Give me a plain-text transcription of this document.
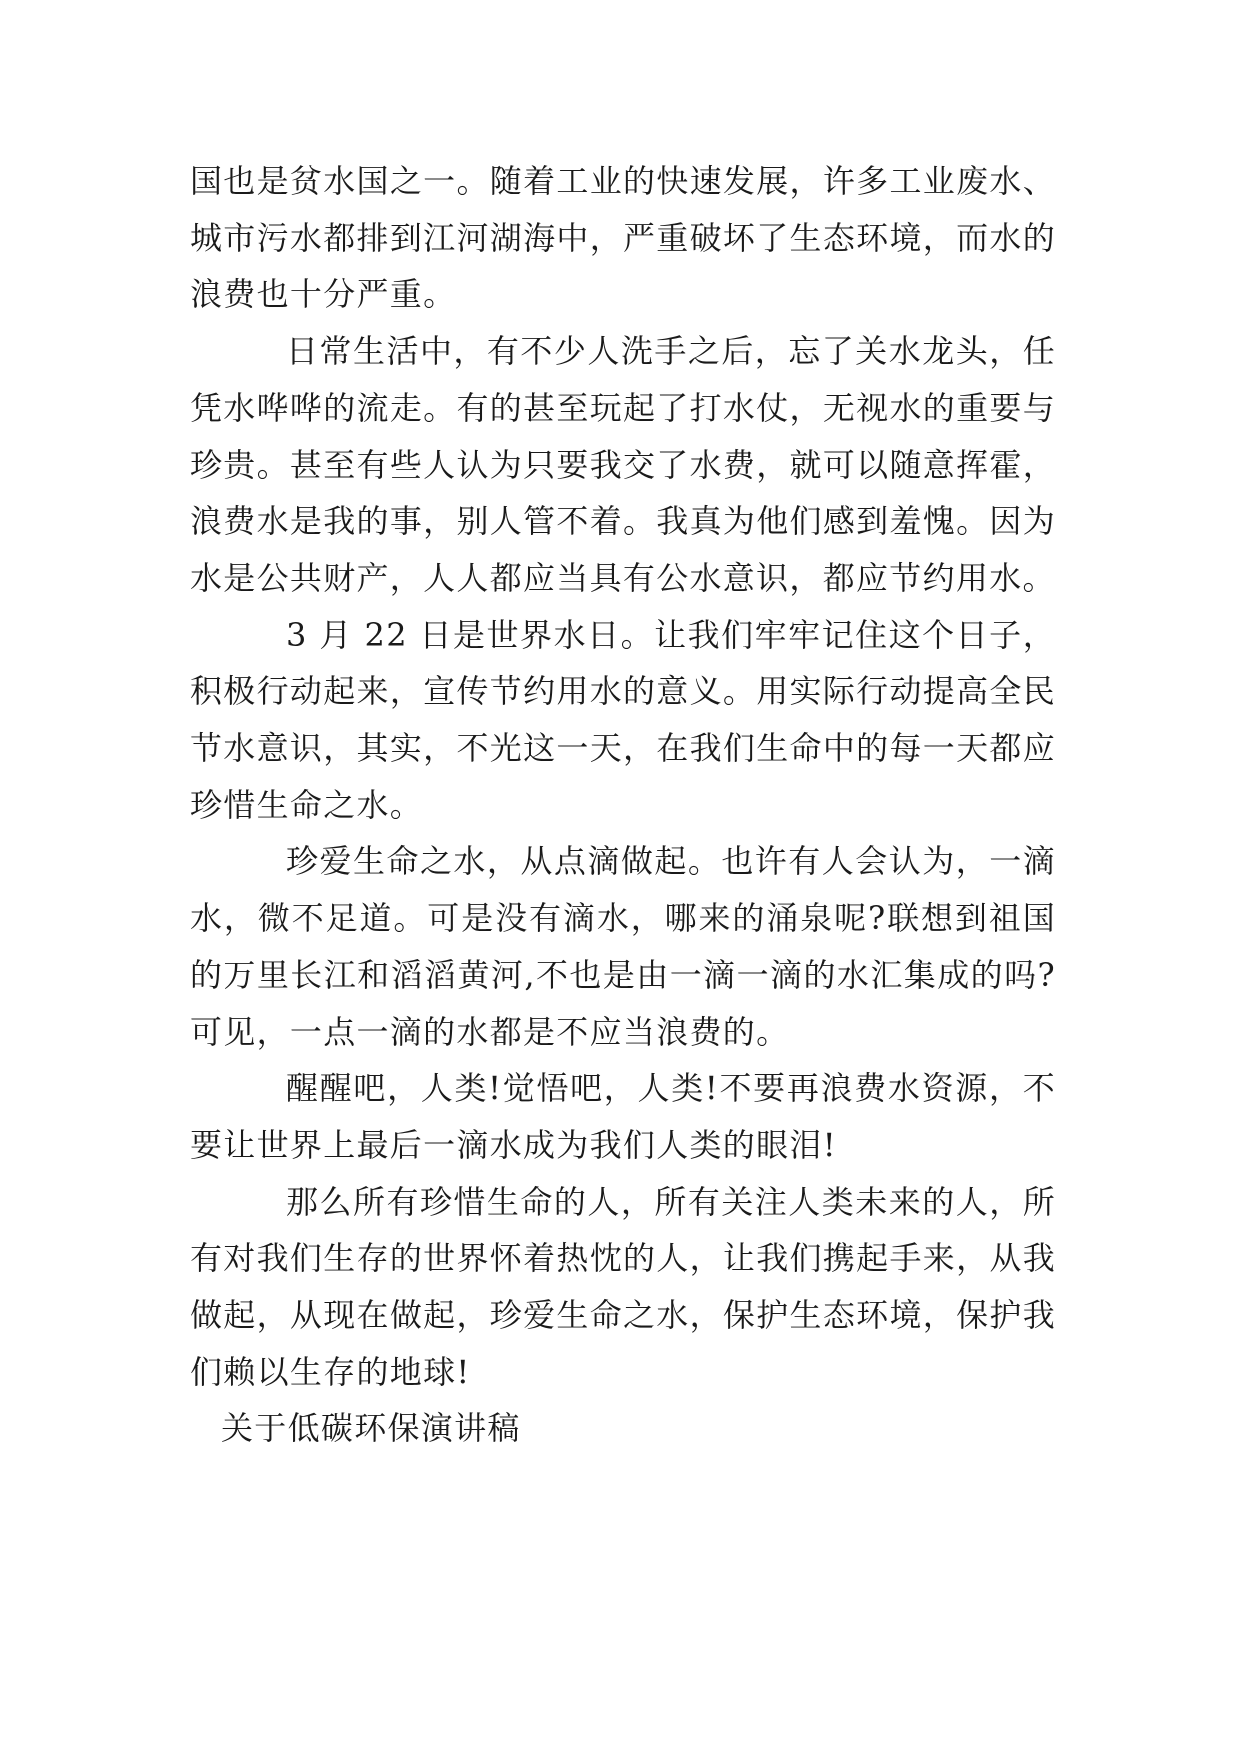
国也是贫水国之一。随着工业的快速发展，许多工业废水、城市污水都排到江河湖海中，严重破坏了生态环境，而水的浪费也十分严重。

日常生活中，有不少人洗手之后，忘了关水龙头，任凭水哗哗的流走。有的甚至玩起了打水仗，无视水的重要与珍贵。甚至有些人认为只要我交了水费，就可以随意挥霍，浪费水是我的事，别人管不着。我真为他们感到羞愧。因为水是公共财产，人人都应当具有公水意识，都应节约用水。

3 月 22 日是世界水日。让我们牢牢记住这个日子，积极行动起来，宣传节约用水的意义。用实际行动提高全民节水意识，其实，不光这一天，在我们生命中的每一天都应珍惜生命之水。

珍爱生命之水，从点滴做起。也许有人会认为，一滴水，微不足道。可是没有滴水，哪来的涌泉呢?联想到祖国的万里长江和滔滔黄河,不也是由一滴一滴的水汇集成的吗?可见，一点一滴的水都是不应当浪费的。

醒醒吧，人类!觉悟吧，人类!不要再浪费水资源，不要让世界上最后一滴水成为我们人类的眼泪!

那么所有珍惜生命的人，所有关注人类未来的人，所有对我们生存的世界怀着热忱的人，让我们携起手来，从我做起，从现在做起，珍爱生命之水，保护生态环境，保护我们赖以生存的地球!

关于低碳环保演讲稿
